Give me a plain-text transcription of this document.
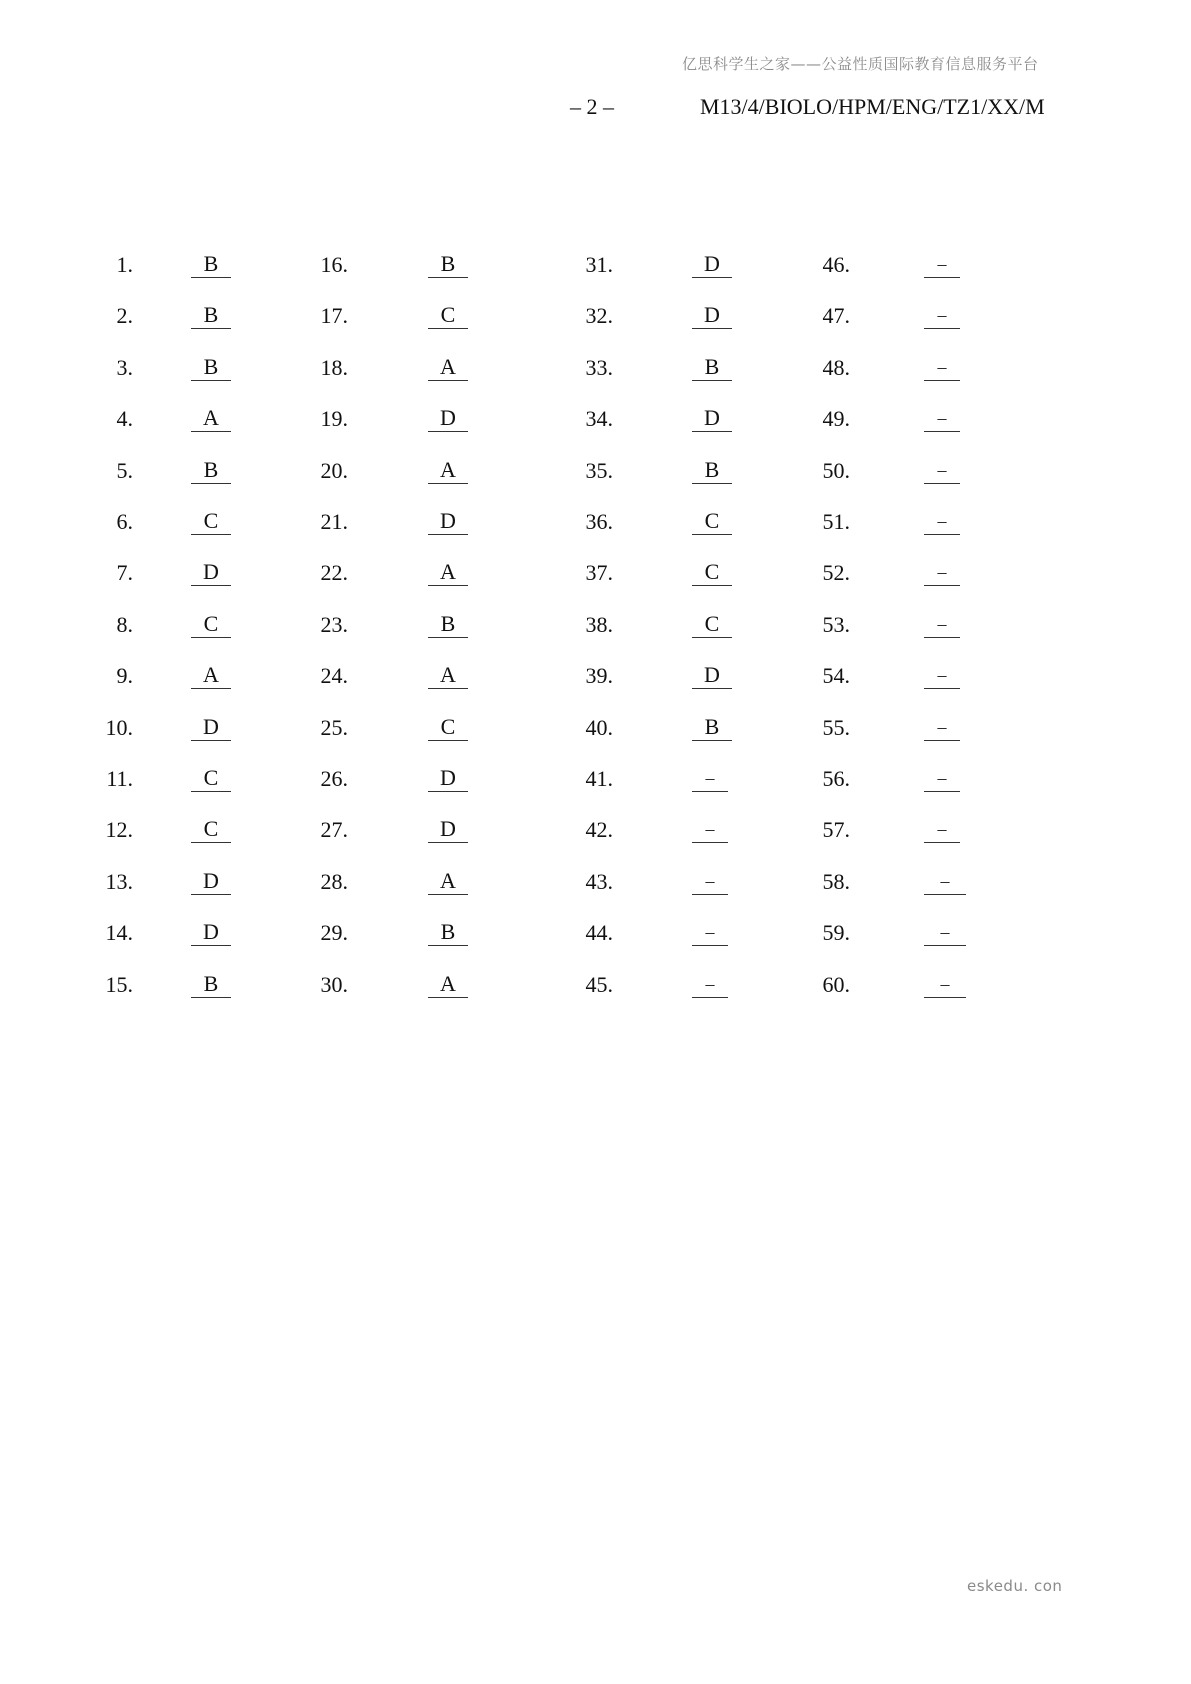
亿思科学生之家——公益性质国际教育信息服务平台
– 2 –	M13/4/BIOLO/HPM/ENG/TZ1/XX/M
1.	B
2.	B
3.	B
4.	A
5.	B
6.	C
7.	D
8.	C
9.	A
10.	D
11.	C
12.	C
13.	D
14.	D
15.	B
16.	B
17.	C
18.	A
19.	D
20.	A
21.	D
22.	A
23.	B
24.	A
25.	C
26.	D
27.	D
28.	A
29.	B
30.	A
31.	D
32.	D
33.	B
34.	D
35.	B
36.	C
37.	C
38.	C
39.	D
40.	B
41.	–
42.	–
43.	–
44.	–
45.	–
46.	–
47.	–
48.	–
49.	–
50.	–
51.	–
52.	–
53.	–
54.	–
55.	–
56.	–
57.	–
58.	–
59.	–
60.	–
eskedu. con
